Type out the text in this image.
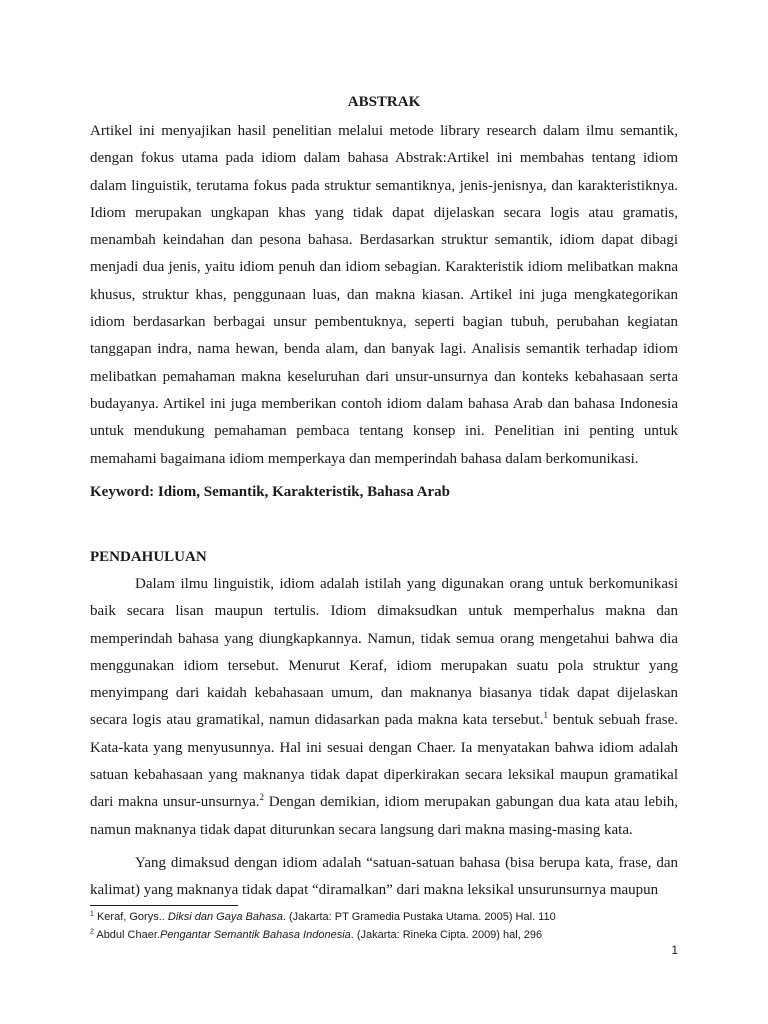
ABSTRAK

Artikel ini menyajikan hasil penelitian melalui metode library research dalam ilmu semantik, dengan fokus utama pada idiom dalam bahasa Abstrak:Artikel ini membahas tentang idiom dalam linguistik, terutama fokus pada struktur semantiknya, jenis-jenisnya, dan karakteristiknya. Idiom merupakan ungkapan khas yang tidak dapat dijelaskan secara logis atau gramatis, menambah keindahan dan pesona bahasa. Berdasarkan struktur semantik, idiom dapat dibagi menjadi dua jenis, yaitu idiom penuh dan idiom sebagian. Karakteristik idiom melibatkan makna khusus, struktur khas, penggunaan luas, dan makna kiasan. Artikel ini juga mengkategorikan idiom berdasarkan berbagai unsur pembentuknya, seperti bagian tubuh, perubahan kegiatan tanggapan indra, nama hewan, benda alam, dan banyak lagi. Analisis semantik terhadap idiom melibatkan pemahaman makna keseluruhan dari unsur-unsurnya dan konteks kebahasaan serta budayanya. Artikel ini juga memberikan contoh idiom dalam bahasa Arab dan bahasa Indonesia untuk mendukung pemahaman pembaca tentang konsep ini. Penelitian ini penting untuk memahami bagaimana idiom memperkaya dan memperindah bahasa dalam berkomunikasi.

Keyword: Idiom, Semantik, Karakteristik, Bahasa Arab

PENDAHULUAN

Dalam ilmu linguistik, idiom adalah istilah yang digunakan orang untuk berkomunikasi baik secara lisan maupun tertulis. Idiom dimaksudkan untuk memperhalus makna dan memperindah bahasa yang diungkapkannya. Namun, tidak semua orang mengetahui bahwa dia menggunakan idiom tersebut. Menurut Keraf, idiom merupakan suatu pola struktur yang menyimpang dari kaidah kebahasaan umum, dan maknanya biasanya tidak dapat dijelaskan secara logis atau gramatikal, namun didasarkan pada makna kata tersebut.$^1$ bentuk sebuah frase. Kata-kata yang menyusunnya. Hal ini sesuai dengan Chaer. Ia menyatakan bahwa idiom adalah satuan kebahasaan yang maknanya tidak dapat diperkirakan secara leksikal maupun gramatikal dari makna unsur-unsurnya.$^2$ Dengan demikian, idiom merupakan gabungan dua kata atau lebih, namun maknanya tidak dapat diturunkan secara langsung dari makna masing-masing kata.

Yang dimaksud dengan idiom adalah “satuan-satuan bahasa (bisa berupa kata, frase, dan kalimat) yang maknanya tidak dapat “diramalkan” dari makna leksikal unsurunsurnya maupun

$^1$ Keraf, Gorys.. Diksi dan Gaya Bahasa. (Jakarta: PT Gramedia Pustaka Utama. 2005) Hal. 110

$^2$ Abdul Chaer.Pengantar Semantik Bahasa Indonesia. (Jakarta: Rineka Cipta. 2009) hal, 296

1
